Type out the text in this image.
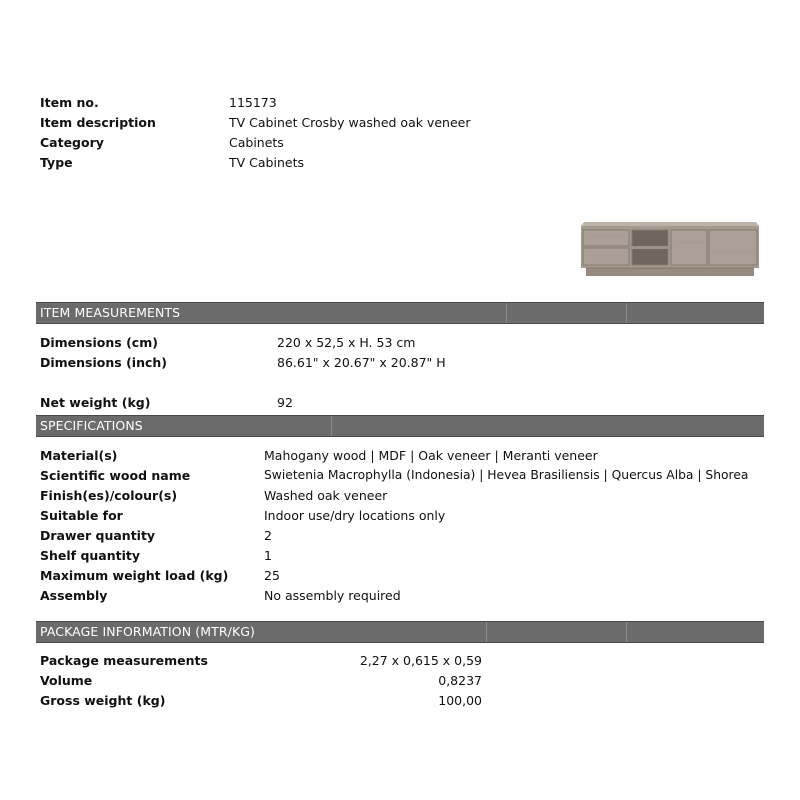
Item no.	115173
Item description	TV Cabinet Crosby washed oak veneer
Category	Cabinets
Type	TV Cabinets
ITEM MEASUREMENTS
Dimensions (cm)	220 x 52,5 x H. 53 cm
Dimensions (inch)	86.61" x 20.67" x 20.87" H
Net weight (kg)	92
SPECIFICATIONS
Material(s)	Mahogany wood | MDF | Oak veneer | Meranti veneer
Scientific wood name	Swietenia Macrophylla (Indonesia) | Hevea Brasiliensis | Quercus Alba | Shorea
Finish(es)/colour(s)	Washed oak veneer
Suitable for	Indoor use/dry locations only
Drawer quantity	2
Shelf quantity	1
Maximum weight load (kg)	25
Assembly	No assembly required
PACKAGE INFORMATION (MTR/KG)
Package measurements	2,27 x 0,615 x 0,59
Volume	0,8237
Gross weight (kg)	100,00
